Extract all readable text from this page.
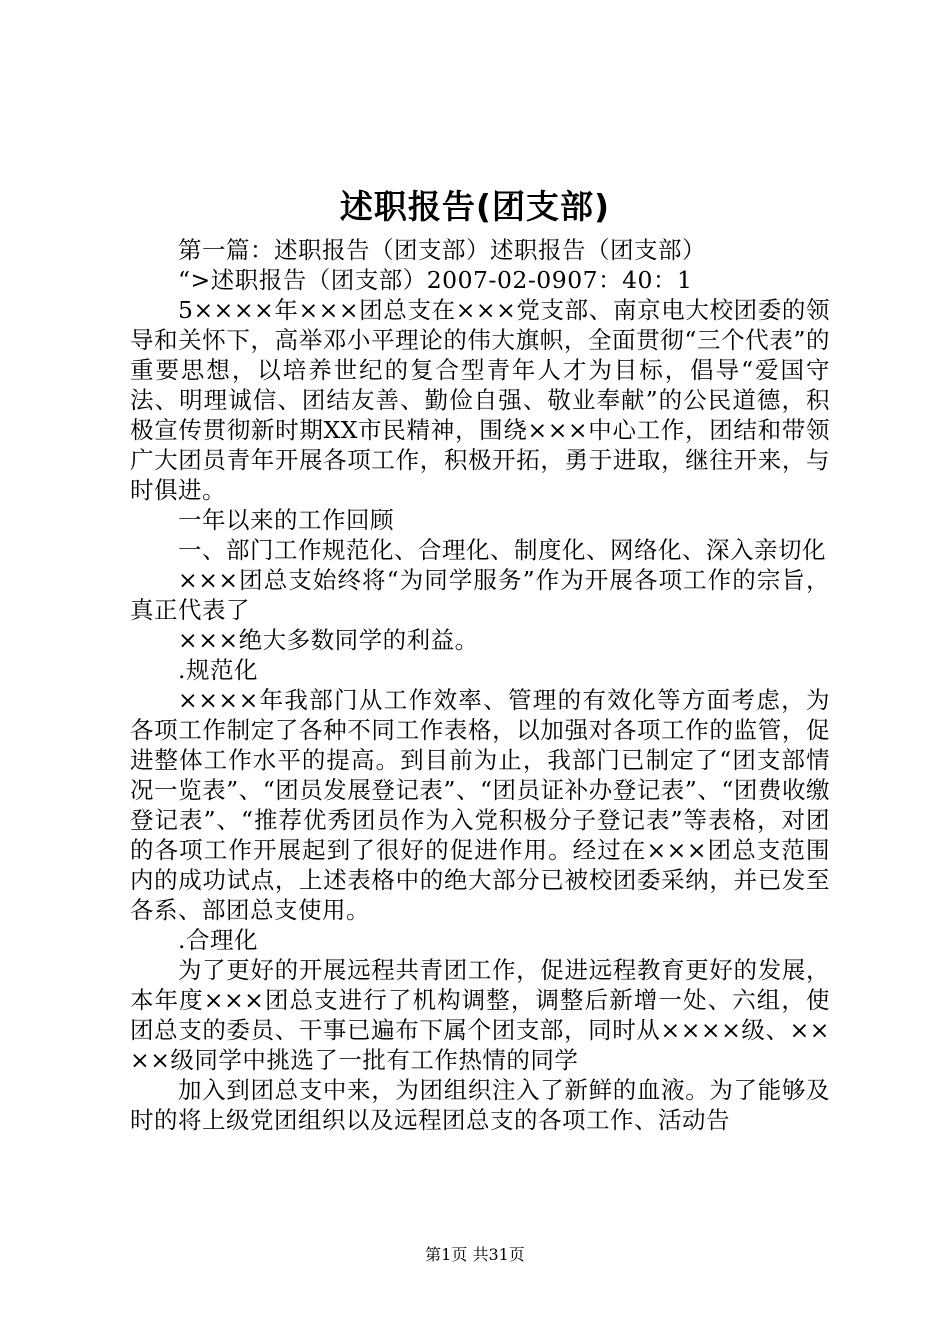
述职报告(团支部)

第一篇：述职报告（团支部）述职报告（团支部）

“>述职报告（团支部）2007-02-0907：40：1

5××××年×××团总支在×××党支部、南京电大校团委的领导和关怀下，高举邓小平理论的伟大旗帜，全面贯彻“三个代表”的重要思想，以培养世纪的复合型青年人才为目标，倡导“爱国守法、明理诚信、团结友善、勤俭自强、敬业奉献”的公民道德，积极宣传贯彻新时期XX市民精神，围绕×××中心工作，团结和带领广大团员青年开展各项工作，积极开拓，勇于进取，继往开来，与时俱进。

一年以来的工作回顾

一、部门工作规范化、合理化、制度化、网络化、深入亲切化

×××团总支始终将“为同学服务”作为开展各项工作的宗旨，真正代表了

×××绝大多数同学的利益。

.规范化

××××年我部门从工作效率、管理的有效化等方面考虑，为各项工作制定了各种不同工作表格，以加强对各项工作的监管，促进整体工作水平的提高。到目前为止，我部门已制定了“团支部情况一览表”、“团员发展登记表”、“团员证补办登记表”、“团费收缴登记表”、“推荐优秀团员作为入党积极分子登记表”等表格，对团的各项工作开展起到了很好的促进作用。经过在×××团总支范围内的成功试点，上述表格中的绝大部分已被校团委采纳，并已发至各系、部团总支使用。

.合理化

为了更好的开展远程共青团工作，促进远程教育更好的发展，本年度×××团总支进行了机构调整，调整后新增一处、六组，使团总支的委员、干事已遍布下属个团支部，同时从××××级、××××级同学中挑选了一批有工作热情的同学

加入到团总支中来，为团组织注入了新鲜的血液。为了能够及时的将上级党团组织以及远程团总支的各项工作、活动告

第1页 共31页
